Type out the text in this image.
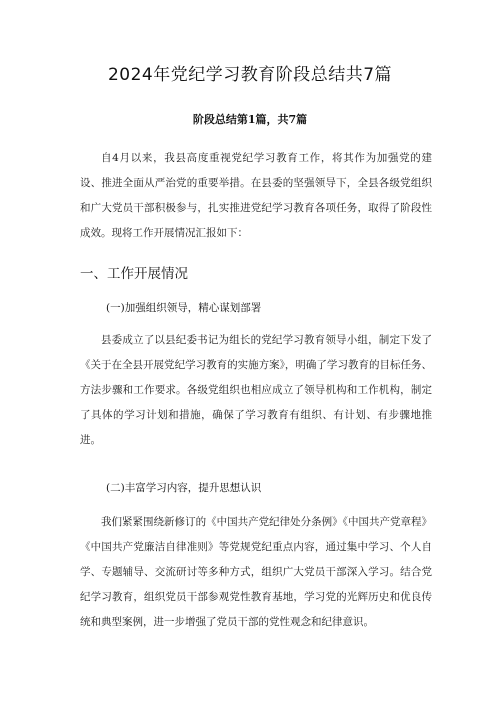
2024年党纪学习教育阶段总结共7篇
阶段总结第1篇，共7篇

自4月以来，我县高度重视党纪学习教育工作，将其作为加强党的建设、推进全面从严治党的重要举措。在县委的坚强领导下，全县各级党组织和广大党员干部积极参与，扎实推进党纪学习教育各项任务，取得了阶段性成效。现将工作开展情况汇报如下：

一、工作开展情况
(一)加强组织领导，精心谋划部署

县委成立了以县纪委书记为组长的党纪学习教育领导小组，制定下发了《关于在全县开展党纪学习教育的实施方案》，明确了学习教育的目标任务、方法步骤和工作要求。各级党组织也相应成立了领导机构和工作机构，制定了具体的学习计划和措施，确保了学习教育有组织、有计划、有步骤地推进。

(二)丰富学习内容，提升思想认识

我们紧紧围绕新修订的《中国共产党纪律处分条例》《中国共产党章程》《中国共产党廉洁自律准则》等党规党纪重点内容，通过集中学习、个人自学、专题辅导、交流研讨等多种方式，组织广大党员干部深入学习。结合党纪学习教育，组织党员干部参观党性教育基地，学习党的光辉历史和优良传统和典型案例，进一步增强了党员干部的党性观念和纪律意识。
